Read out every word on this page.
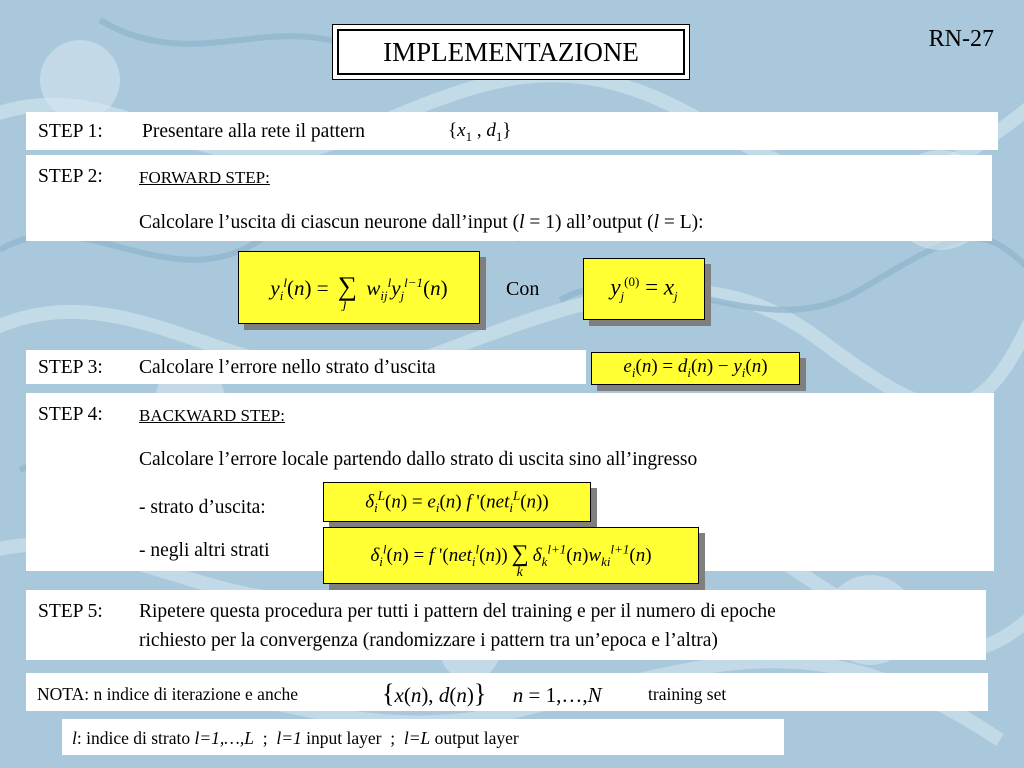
RN-27
IMPLEMENTAZIONE
STEP 1: Presentare alla rete il pattern	{$x_1$ , $d_1$}
STEP 2: FORWARD STEP:
Calcolare l’uscita di ciascun neurone dall’input (l = 1) all’output (l = L):
$y_i^l(n)$ = ∑
j
$w_{ij}^ly_j^{l-1}(n)$	Con	$y_j^{(0)} = x_j$
STEP 3: Calcolare l’errore nello strato d’uscita	$e_i(n) = d_i(n) - y_i(n)$
STEP 4: BACKWARD STEP:
Calcolare l’errore locale partendo dallo strato di uscita sino all’ingresso
- strato d’uscita:
- negli altri strati
$\delta_i^L(n) = e_i(n)$ f '(net$_i^L$(n))
$\delta_i^l(n) = f$ '(net$_i^l$(n)) ∑
k
$\delta_k^{l+1}(n)w_{ki}^{l+1}(n)$
STEP 5: Ripetere questa procedura per tutti i pattern del training e per il numero di epoche
richiesto per la convergenza (randomizzare i pattern tra un’epoca e l’altra)
NOTA: n indice di iterazione e anche	{x(n), d(n)} n = 1,…,N	training set
l: indice di strato l=1,…,L  ;  l=1 input layer  ;  l=L output layer
